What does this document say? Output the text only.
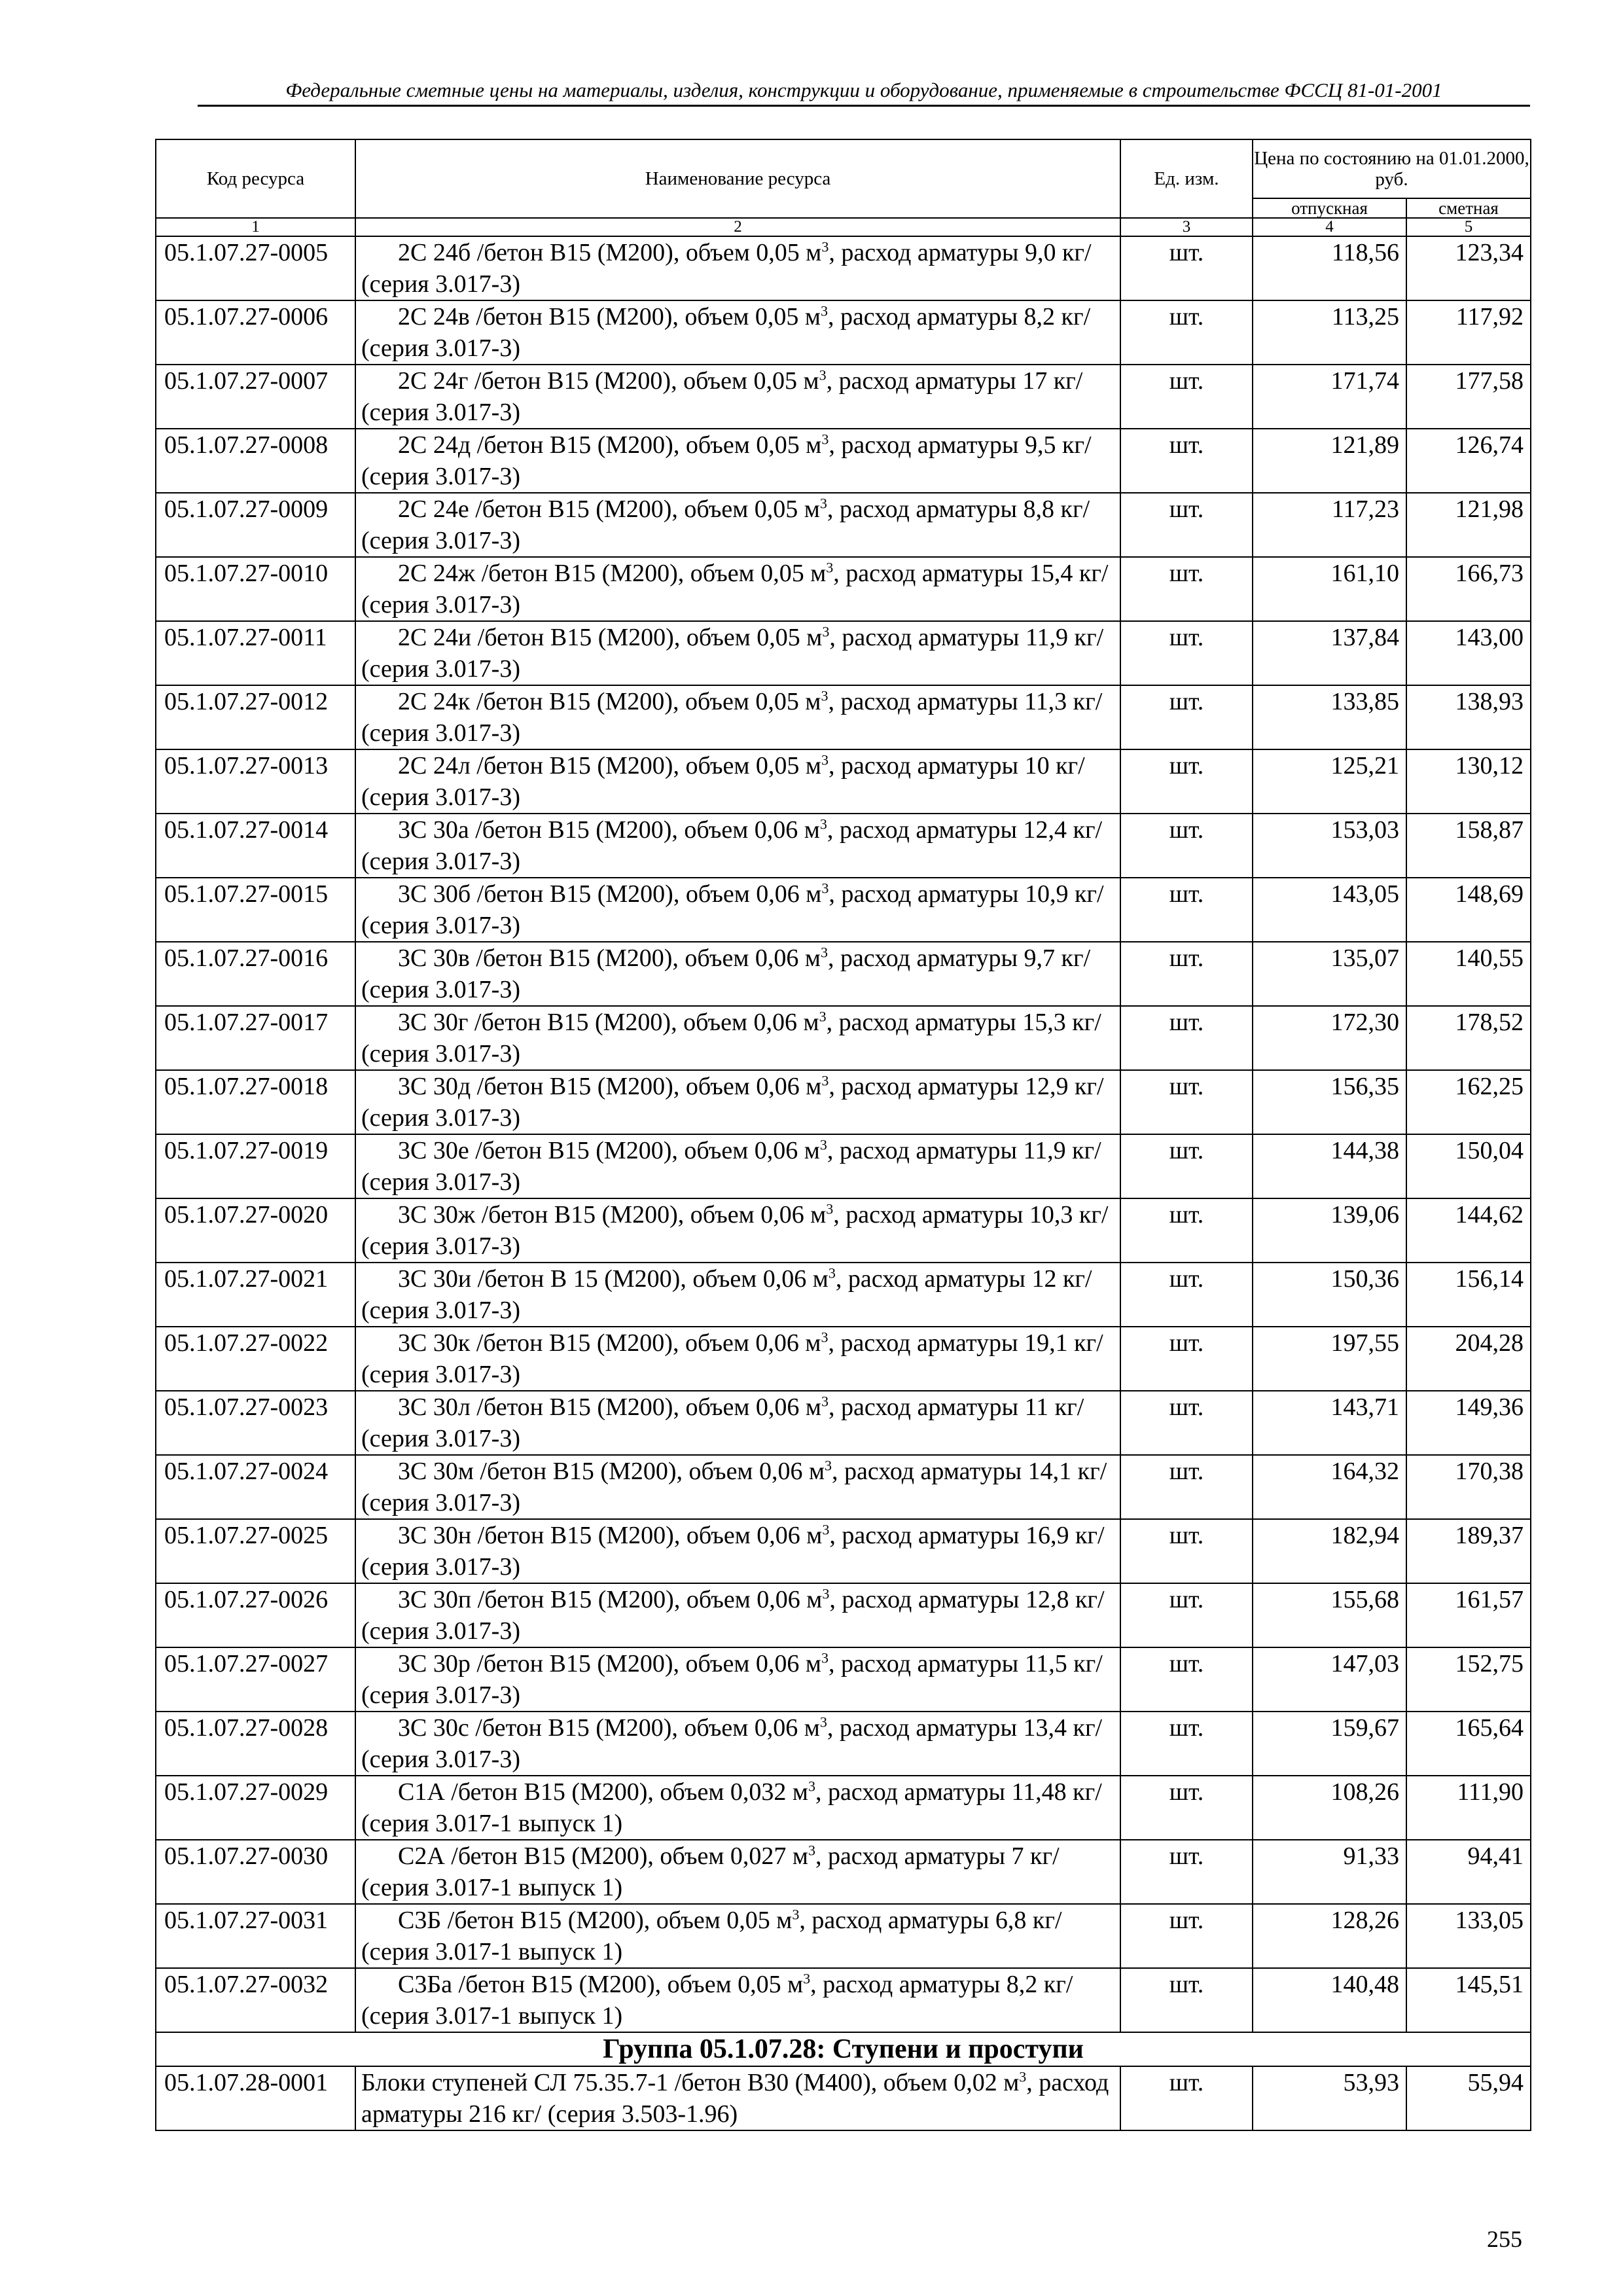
Федеральные сметные цены на материалы, изделия, конструкции и оборудование, применяемые в строительстве ФССЦ 81-01-2001
Код ресурса	Наименование ресурса	Ед. изм.	Цена по состоянию на 01.01.2000, руб.	
			отпускная	сметная
1	2	3	4	5
05.1.07.27-0005	2С 24б /бетон В15 (М200), объем 0,05 $м^3$, расход арматуры 9,0 кг/ (серия 3.017-3)	шт.	118,56	123,34
05.1.07.27-0006	2С 24в /бетон В15 (М200), объем 0,05 $м^3$, расход арматуры 8,2 кг/ (серия 3.017-3)	шт.	113,25	117,92
05.1.07.27-0007	2С 24г /бетон В15 (М200), объем 0,05 $м^3$, расход арматуры 17 кг/ (серия 3.017-3)	шт.	171,74	177,58
05.1.07.27-0008	2С 24д /бетон В15 (М200), объем 0,05 $м^3$, расход арматуры 9,5 кг/ (серия 3.017-3)	шт.	121,89	126,74
05.1.07.27-0009	2С 24е /бетон В15 (М200), объем 0,05 $м^3$, расход арматуры 8,8 кг/ (серия 3.017-3)	шт.	117,23	121,98
05.1.07.27-0010	2С 24ж /бетон В15 (М200), объем 0,05 $м^3$, расход арматуры 15,4 кг/ (серия 3.017-3)	шт.	161,10	166,73
05.1.07.27-0011	2С 24и /бетон В15 (М200), объем 0,05 $м^3$, расход арматуры 11,9 кг/ (серия 3.017-3)	шт.	137,84	143,00
05.1.07.27-0012	2С 24к /бетон В15 (М200), объем 0,05 $м^3$, расход арматуры 11,3 кг/ (серия 3.017-3)	шт.	133,85	138,93
05.1.07.27-0013	2С 24л /бетон В15 (М200), объем 0,05 $м^3$, расход арматуры 10 кг/ (серия 3.017-3)	шт.	125,21	130,12
05.1.07.27-0014	3С 30а /бетон В15 (М200), объем 0,06 $м^3$, расход арматуры 12,4 кг/ (серия 3.017-3)	шт.	153,03	158,87
05.1.07.27-0015	3С 30б /бетон В15 (М200), объем 0,06 $м^3$, расход арматуры 10,9 кг/ (серия 3.017-3)	шт.	143,05	148,69
05.1.07.27-0016	3С 30в /бетон В15 (М200), объем 0,06 $м^3$, расход арматуры 9,7 кг/ (серия 3.017-3)	шт.	135,07	140,55
05.1.07.27-0017	3С 30г /бетон В15 (М200), объем 0,06 $м^3$, расход арматуры 15,3 кг/ (серия 3.017-3)	шт.	172,30	178,52
05.1.07.27-0018	3С 30д /бетон В15 (М200), объем 0,06 $м^3$, расход арматуры 12,9 кг/ (серия 3.017-3)	шт.	156,35	162,25
05.1.07.27-0019	3С 30е /бетон В15 (М200), объем 0,06 $м^3$, расход арматуры 11,9 кг/ (серия 3.017-3)	шт.	144,38	150,04
05.1.07.27-0020	3С 30ж /бетон В15 (М200), объем 0,06 $м^3$, расход арматуры 10,3 кг/ (серия 3.017-3)	шт.	139,06	144,62
05.1.07.27-0021	3С 30и /бетон В 15 (М200), объем 0,06 $м^3$, расход арматуры 12 кг/ (серия 3.017-3)	шт.	150,36	156,14
05.1.07.27-0022	3С 30к /бетон В15 (М200), объем 0,06 $м^3$, расход арматуры 19,1 кг/ (серия 3.017-3)	шт.	197,55	204,28
05.1.07.27-0023	3С 30л /бетон В15 (М200), объем 0,06 $м^3$, расход арматуры 11 кг/ (серия 3.017-3)	шт.	143,71	149,36
05.1.07.27-0024	3С 30м /бетон В15 (М200), объем 0,06 $м^3$, расход арматуры 14,1 кг/ (серия 3.017-3)	шт.	164,32	170,38
05.1.07.27-0025	3С 30н /бетон В15 (М200), объем 0,06 $м^3$, расход арматуры 16,9 кг/ (серия 3.017-3)	шт.	182,94	189,37
05.1.07.27-0026	3С 30п /бетон В15 (М200), объем 0,06 $м^3$, расход арматуры 12,8 кг/ (серия 3.017-3)	шт.	155,68	161,57
05.1.07.27-0027	3С 30р /бетон В15 (М200), объем 0,06 $м^3$, расход арматуры 11,5 кг/ (серия 3.017-3)	шт.	147,03	152,75
05.1.07.27-0028	3С 30с /бетон В15 (М200), объем 0,06 $м^3$, расход арматуры 13,4 кг/ (серия 3.017-3)	шт.	159,67	165,64
05.1.07.27-0029	С1А /бетон В15 (М200), объем 0,032 $м^3$, расход арматуры 11,48 кг/ (серия 3.017-1 выпуск 1)	шт.	108,26	111,90
05.1.07.27-0030	С2А /бетон В15 (М200), объем 0,027 $м^3$, расход арматуры 7 кг/ (серия 3.017-1 выпуск 1)	шт.	91,33	94,41
05.1.07.27-0031	С3Б /бетон В15 (М200), объем 0,05 $м^3$, расход арматуры 6,8 кг/ (серия 3.017-1 выпуск 1)	шт.	128,26	133,05
05.1.07.27-0032	С3Ба /бетон В15 (М200), объем 0,05 $м^3$, расход арматуры 8,2 кг/ (серия 3.017-1 выпуск 1)	шт.	140,48	145,51
Группа 05.1.07.28: Ступени и проступи				
05.1.07.28-0001	Блоки ступеней СЛ 75.35.7-1 /бетон В30 (М400), объем 0,02 $м^3$, расход арматуры 216 кг/ (серия 3.503-1.96)	шт.	53,93	55,94
255
